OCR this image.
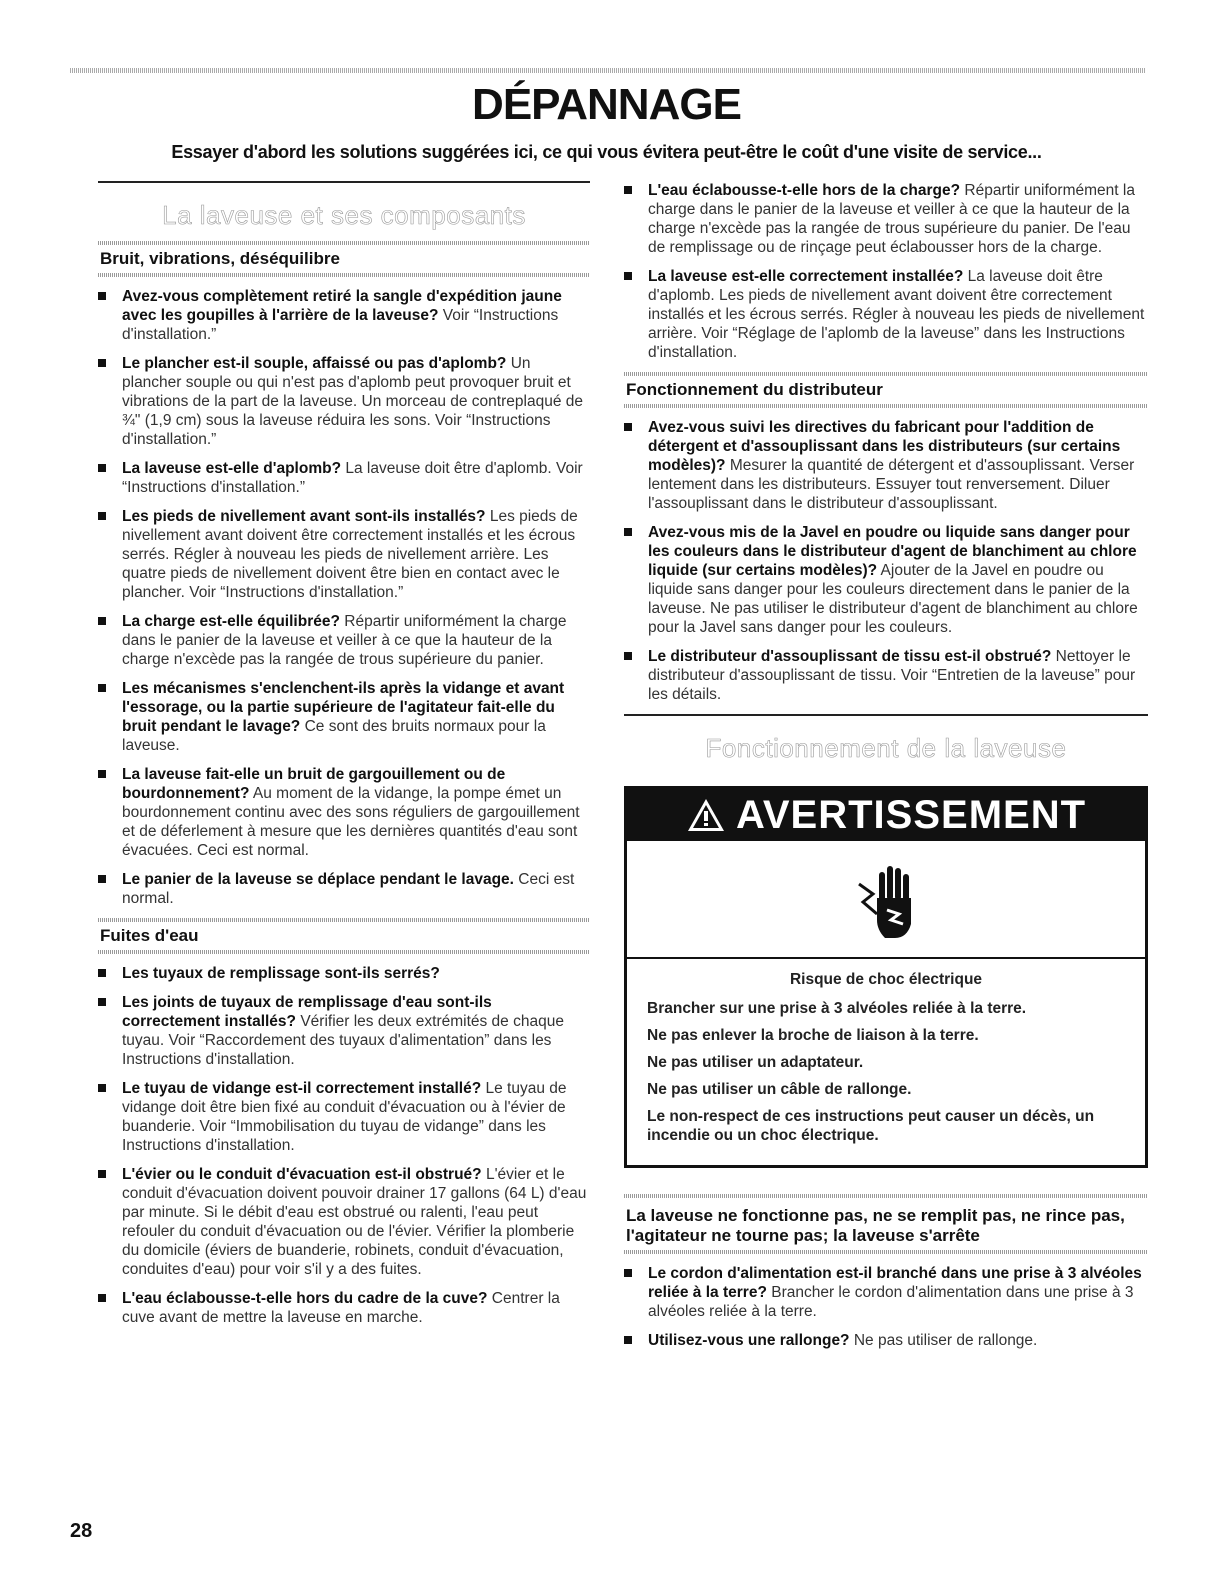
DÉPANNAGE
Essayer d'abord les solutions suggérées ici, ce qui vous évitera peut-être le coût d'une visite de service...
La laveuse et ses composants
Bruit, vibrations, déséquilibre
Avez-vous complètement retiré la sangle d'expédition jaune avec les goupilles à l'arrière de la laveuse? Voir “Instructions d'installation.”
Le plancher est-il souple, affaissé ou pas d'aplomb? Un plancher souple ou qui n'est pas d'aplomb peut provoquer bruit et vibrations de la part de la laveuse. Un morceau de contreplaqué de ¾" (1,9 cm) sous la laveuse réduira les sons. Voir “Instructions d'installation.”
La laveuse est-elle d'aplomb? La laveuse doit être d'aplomb. Voir “Instructions d'installation.”
Les pieds de nivellement avant sont-ils installés? Les pieds de nivellement avant doivent être correctement installés et les écrous serrés. Régler à nouveau les pieds de nivellement arrière. Les quatre pieds de nivellement doivent être bien en contact avec le plancher. Voir “Instructions d'installation.”
La charge est-elle équilibrée? Répartir uniformément la charge dans le panier de la laveuse et veiller à ce que la hauteur de la charge n'excède pas la rangée de trous supérieure du panier.
Les mécanismes s'enclenchent-ils après la vidange et avant l'essorage, ou la partie supérieure de l'agitateur fait-elle du bruit pendant le lavage? Ce sont des bruits normaux pour la laveuse.
La laveuse fait-elle un bruit de gargouillement ou de bourdonnement? Au moment de la vidange, la pompe émet un bourdonnement continu avec des sons réguliers de gargouillement et de déferlement à mesure que les dernières quantités d'eau sont évacuées. Ceci est normal.
Le panier de la laveuse se déplace pendant le lavage. Ceci est normal.
Fuites d'eau
Les tuyaux de remplissage sont-ils serrés?
Les joints de tuyaux de remplissage d'eau sont-ils correctement installés? Vérifier les deux extrémités de chaque tuyau. Voir “Raccordement des tuyaux d'alimentation” dans les Instructions d'installation.
Le tuyau de vidange est-il correctement installé? Le tuyau de vidange doit être bien fixé au conduit d'évacuation ou à l'évier de buanderie. Voir “Immobilisation du tuyau de vidange” dans les Instructions d'installation.
L'évier ou le conduit d'évacuation est-il obstrué? L'évier et le conduit d'évacuation doivent pouvoir drainer 17 gallons (64 L) d'eau par minute. Si le débit d'eau est obstrué ou ralenti, l'eau peut refouler du conduit d'évacuation ou de l'évier. Vérifier la plomberie du domicile (éviers de buanderie, robinets, conduit d'évacuation, conduites d'eau) pour voir s'il y a des fuites.
L'eau éclabousse-t-elle hors du cadre de la cuve? Centrer la cuve avant de mettre la laveuse en marche.
L'eau éclabousse-t-elle hors de la charge? Répartir uniformément la charge dans le panier de la laveuse et veiller à ce que la hauteur de la charge n'excède pas la rangée de trous supérieure du panier. De l'eau de remplissage ou de rinçage peut éclabousser hors de la charge.
La laveuse est-elle correctement installée? La laveuse doit être d'aplomb. Les pieds de nivellement avant doivent être correctement installés et les écrous serrés. Régler à nouveau les pieds de nivellement arrière. Voir “Réglage de l'aplomb de la laveuse” dans les Instructions d'installation.
Fonctionnement du distributeur
Avez-vous suivi les directives du fabricant pour l'addition de détergent et d'assouplissant dans les distributeurs (sur certains modèles)? Mesurer la quantité de détergent et d'assouplissant. Verser lentement dans les distributeurs. Essuyer tout renversement. Diluer l'assouplissant dans le distributeur d'assouplissant.
Avez-vous mis de la Javel en poudre ou liquide sans danger pour les couleurs dans le distributeur d'agent de blanchiment au chlore liquide (sur certains modèles)? Ajouter de la Javel en poudre ou liquide sans danger pour les couleurs directement dans le panier de la laveuse. Ne pas utiliser le distributeur d'agent de blanchiment au chlore pour la Javel sans danger pour les couleurs.
Le distributeur d'assouplissant de tissu est-il obstrué? Nettoyer le distributeur d'assouplissant de tissu. Voir “Entretien de la laveuse” pour les détails.
Fonctionnement de la laveuse
AVERTISSEMENT
Risque de choc électrique

Brancher sur une prise à 3 alvéoles reliée à la terre.

Ne pas enlever la broche de liaison à la terre.

Ne pas utiliser un adaptateur.

Ne pas utiliser un câble de rallonge.

Le non-respect de ces instructions peut causer un décès, un incendie ou un choc électrique.

La laveuse ne fonctionne pas, ne se remplit pas, ne rince pas, l'agitateur ne tourne pas; la laveuse s'arrête
Le cordon d'alimentation est-il branché dans une prise à 3 alvéoles reliée à la terre? Brancher le cordon d'alimentation dans une prise à 3 alvéoles reliée à la terre.
Utilisez-vous une rallonge? Ne pas utiliser de rallonge.
28
